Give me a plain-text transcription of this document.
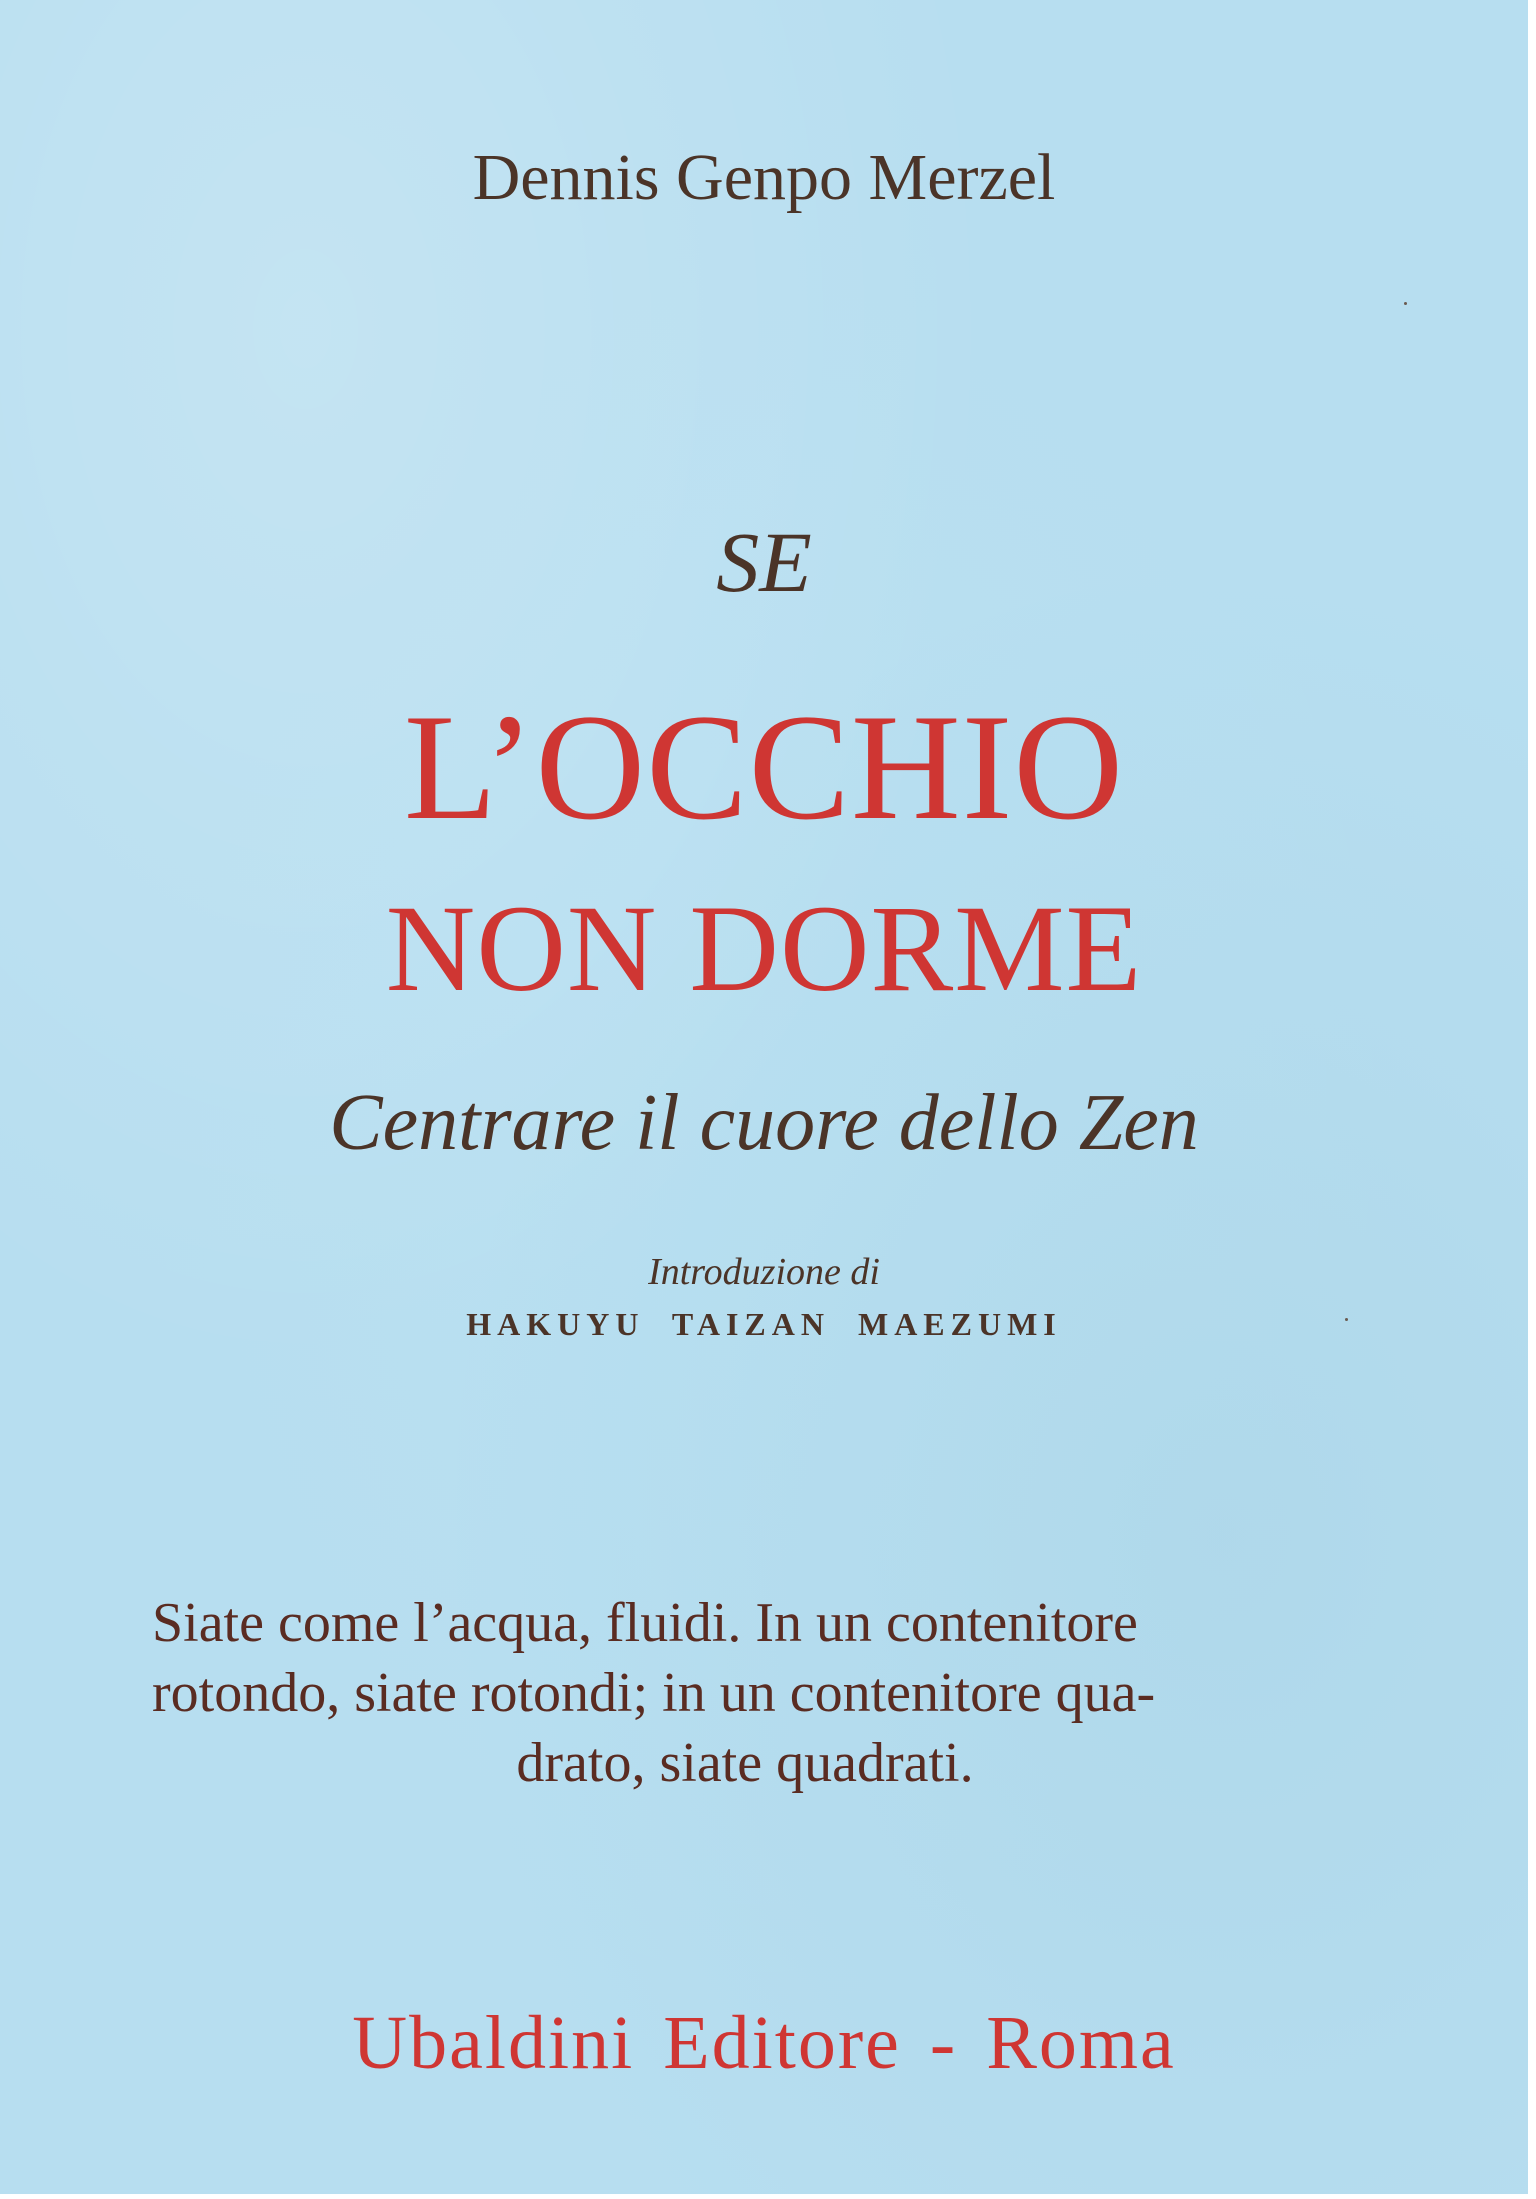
Dennis Genpo Merzel
SE
L’OCCHIO
NON DORME
Centrare il cuore dello Zen
Introduzione di
HAKUYU TAIZAN MAEZUMI
Siate come l’acqua, fluidi. In un contenitore
rotondo, siate rotondi; in un contenitore qua-
drato, siate quadrati.
Ubaldini Editore - Roma
